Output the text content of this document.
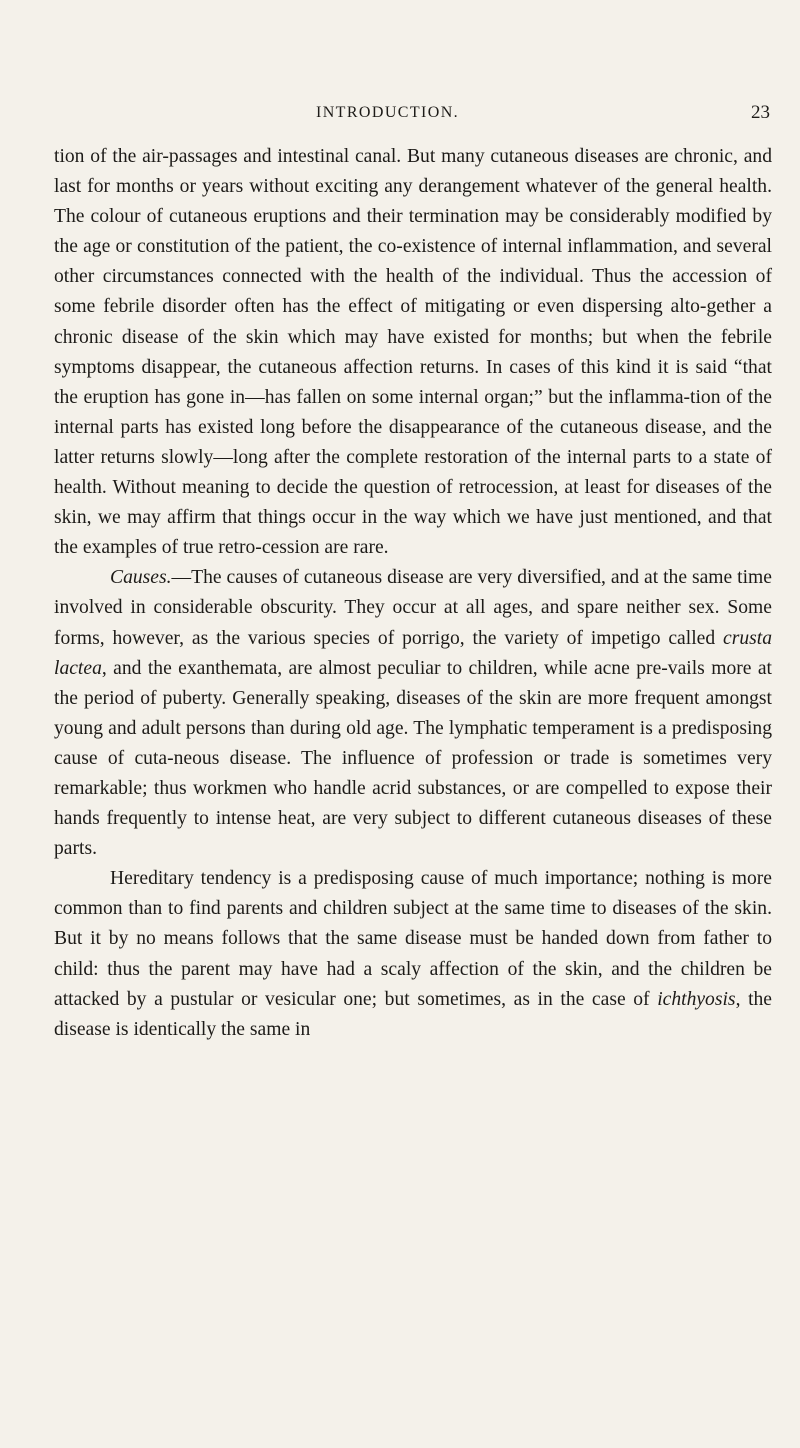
INTRODUCTION.	23

tion of the air-passages and intestinal canal. But many cutaneous diseases are chronic, and last for months or years without exciting any derangement whatever of the general health. The colour of cutaneous eruptions and their termination may be considerably modified by the age or constitution of the patient, the co-existence of internal inflammation, and several other circumstances connected with the health of the individual. Thus the accession of some febrile disorder often has the effect of mitigating or even dispersing alto-gether a chronic disease of the skin which may have existed for months; but when the febrile symptoms disappear, the cutaneous affection returns. In cases of this kind it is said “that the eruption has gone in—has fallen on some internal organ;” but the inflamma-tion of the internal parts has existed long before the disappearance of the cutaneous disease, and the latter returns slowly—long after the complete restoration of the internal parts to a state of health. Without meaning to decide the question of retrocession, at least for diseases of the skin, we may affirm that things occur in the way which we have just mentioned, and that the examples of true retro-cession are rare.

Causes.—The causes of cutaneous disease are very diversified, and at the same time involved in considerable obscurity. They occur at all ages, and spare neither sex. Some forms, however, as the various species of porrigo, the variety of impetigo called crusta lactea, and the exanthemata, are almost peculiar to children, while acne pre-vails more at the period of puberty. Generally speaking, diseases of the skin are more frequent amongst young and adult persons than during old age. The lymphatic temperament is a predisposing cause of cuta-neous disease. The influence of profession or trade is sometimes very remarkable; thus workmen who handle acrid substances, or are compelled to expose their hands frequently to intense heat, are very subject to different cutaneous diseases of these parts.

Hereditary tendency is a predisposing cause of much importance; nothing is more common than to find parents and children subject at the same time to diseases of the skin. But it by no means follows that the same disease must be handed down from father to child: thus the parent may have had a scaly affection of the skin, and the children be attacked by a pustular or vesicular one; but sometimes, as in the case of ichthyosis, the disease is identically the same in
